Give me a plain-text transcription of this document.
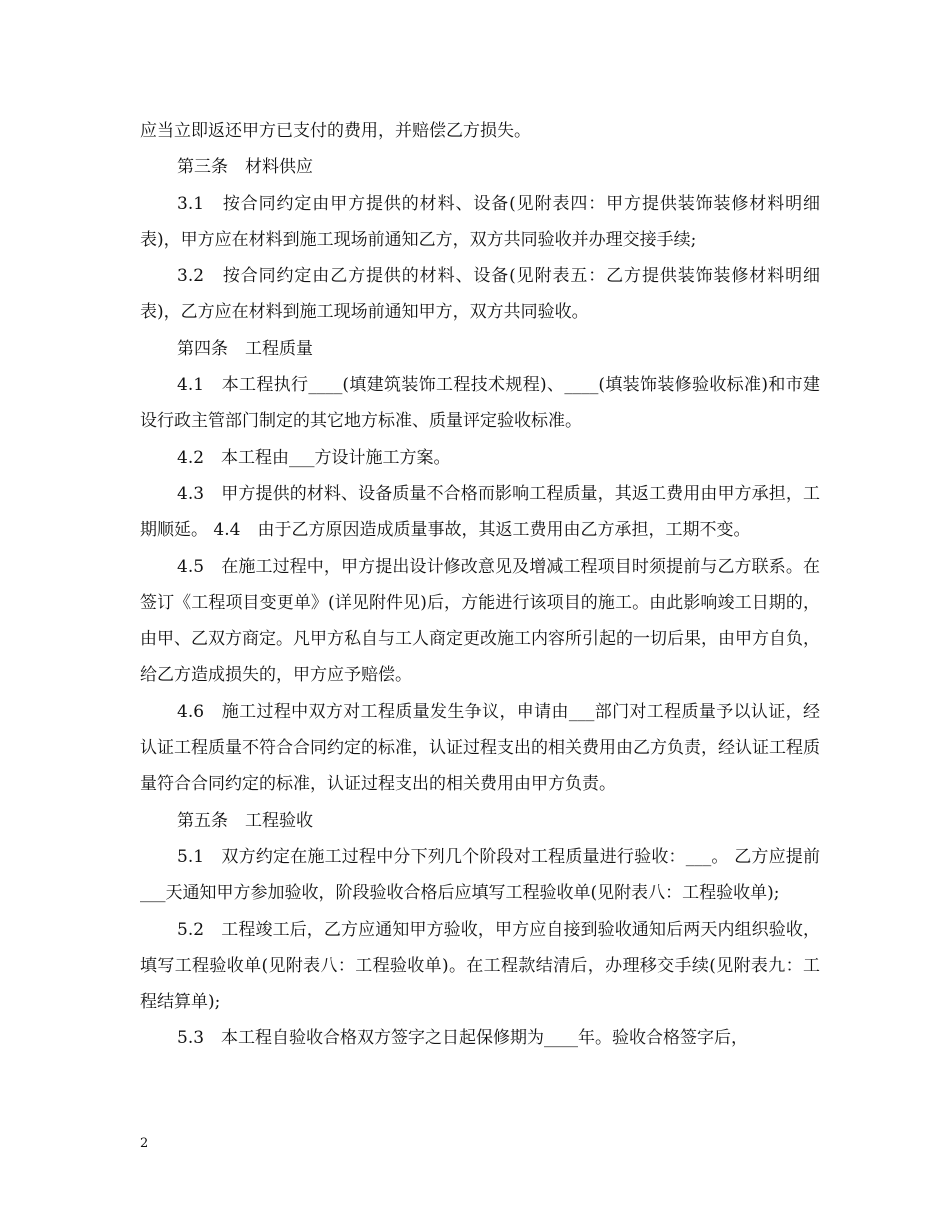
应当立即返还甲方已支付的费用，并赔偿乙方损失。

第三条　材料供应

3.1　按合同约定由甲方提供的材料、设备(见附表四：甲方提供装饰装修材料明细表)，甲方应在材料到施工现场前通知乙方，双方共同验收并办理交接手续;

3.2　按合同约定由乙方提供的材料、设备(见附表五：乙方提供装饰装修材料明细表)，乙方应在材料到施工现场前通知甲方，双方共同验收。

第四条　工程质量

4.1　本工程执行____(填建筑装饰工程技术规程)、____(填装饰装修验收标准)和市建设行政主管部门制定的其它地方标准、质量评定验收标准。

4.2　本工程由___方设计施工方案。

4.3　甲方提供的材料、设备质量不合格而影响工程质量，其返工费用由甲方承担，工期顺延。 4.4　由于乙方原因造成质量事故，其返工费用由乙方承担，工期不变。

4.5　在施工过程中，甲方提出设计修改意见及增减工程项目时须提前与乙方联系。在签订《工程项目变更单》(详见附件见)后，方能进行该项目的施工。由此影响竣工日期的，由甲、乙双方商定。凡甲方私自与工人商定更改施工内容所引起的一切后果，由甲方自负，给乙方造成损失的，甲方应予赔偿。

4.6　施工过程中双方对工程质量发生争议，申请由___部门对工程质量予以认证，经认证工程质量不符合合同约定的标准，认证过程支出的相关费用由乙方负责，经认证工程质量符合合同约定的标准，认证过程支出的相关费用由甲方负责。

第五条　工程验收

5.1　双方约定在施工过程中分下列几个阶段对工程质量进行验收：___。 乙方应提前___天通知甲方参加验收，阶段验收合格后应填写工程验收单(见附表八：工程验收单);

5.2　工程竣工后，乙方应通知甲方验收，甲方应自接到验收通知后两天内组织验收，填写工程验收单(见附表八：工程验收单)。在工程款结清后，办理移交手续(见附表九：工程结算单);

5.3　本工程自验收合格双方签字之日起保修期为____年。验收合格签字后，

2
